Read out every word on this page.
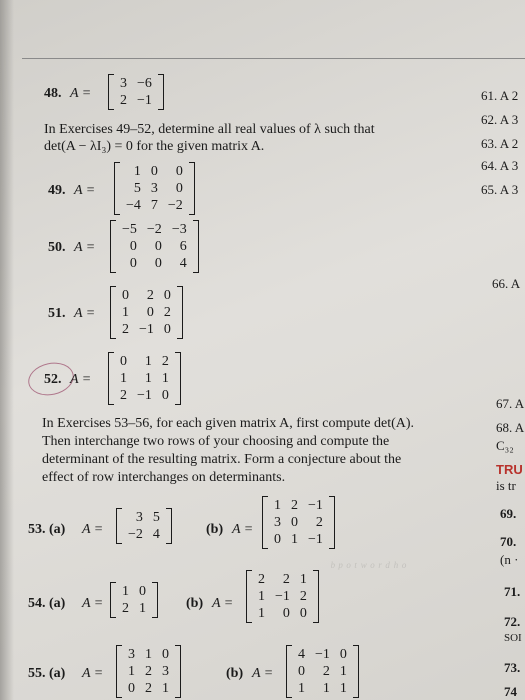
ᵇ ᵖ ᵒ ᵗ ʷ ᵒ ʳ ᵈ ʰ ᵒ
48. A =
3	−6
2	−1
In Exercises 49–52, determine all real values of λ such that
det(A − λI₃) = 0 for the given matrix A.
49. A =
1	0	0
5	3	0
−4	7	−2
50. A =
−5	−2	−3
0	0	6
0	0	4
51. A =
0	2	0
1	0	2
2	−1	0
52. A =
0	1	2
1	1	1
2	−1	0
In Exercises 53–56, for each given matrix A, first compute det(A).
Then interchange two rows of your choosing and compute the
determinant of the resulting matrix. Form a conjecture about the
effect of row interchanges on determinants.
53. (a) A =
3	5
−2	4	(b) A =
1	2	−1
3	0	2
0	1	−1
54. (a) A =
1	0
2	1	(b) A =
2	2	1
1	−1	2
1	0	0
55. (a) A =
3	1	0
1	2	3
0	2	1
(b) A =
4	−1	0
0	2	1
1	1	1
61. A 2
62. A 3
63. A 2
64. A 3
65. A 3
66. A
67. A
68. A
C₃₂
TRU
is tr
69.
70.
(n ·
71.
72.
SOI
73.
74
